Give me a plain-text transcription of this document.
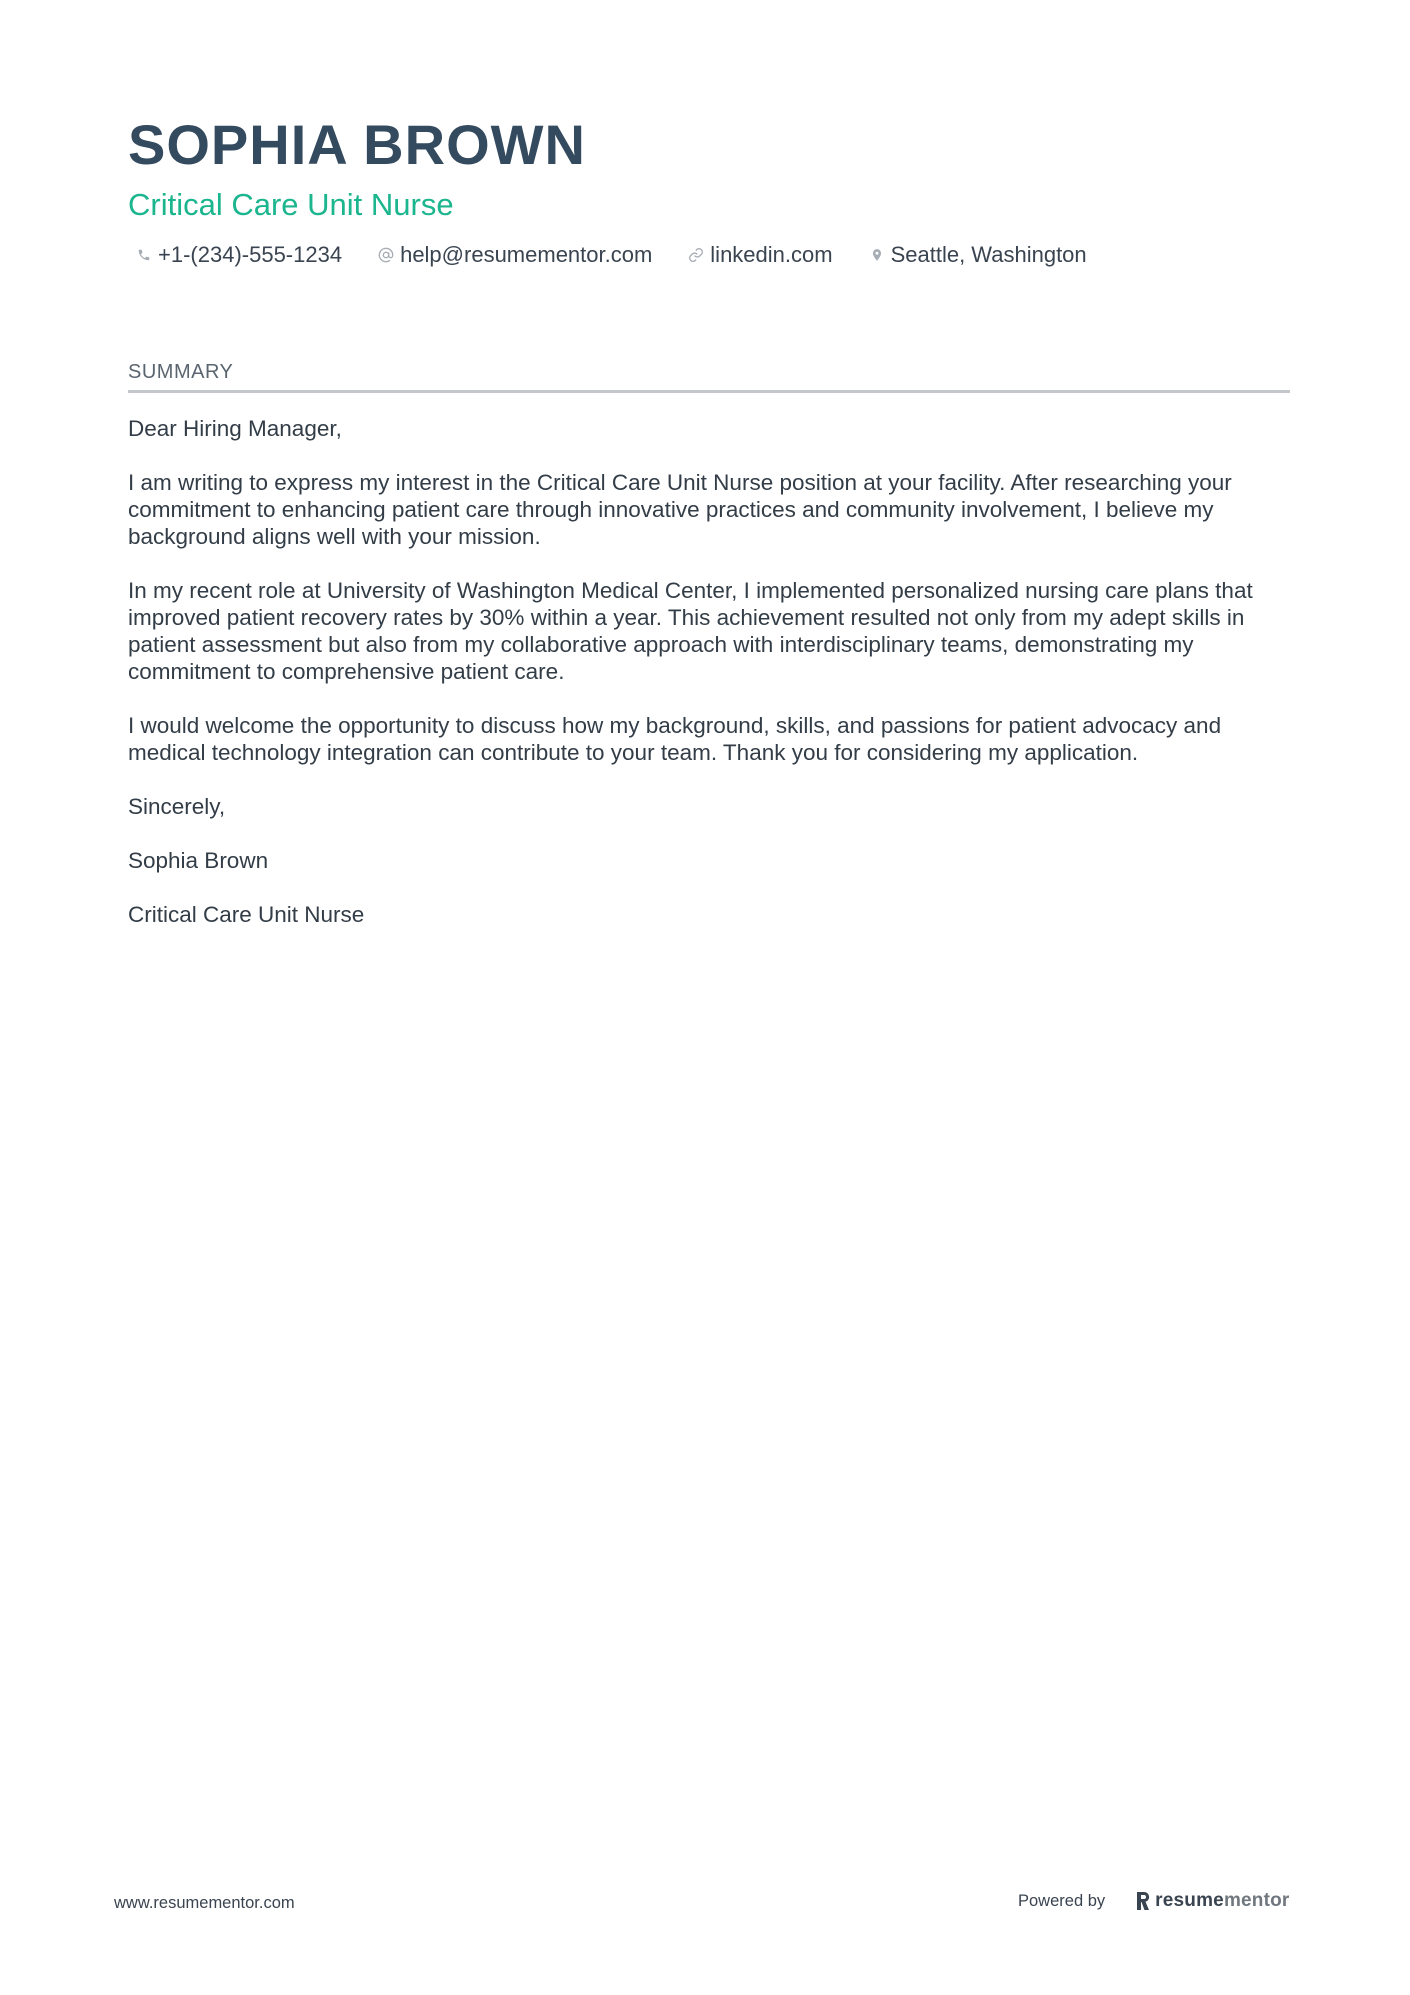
SOPHIA BROWN
Critical Care Unit Nurse
+1-(234)-555-1234	help@resumementor.com	linkedin.com	Seattle, Washington
SUMMARY

Dear Hiring Manager,

I am writing to express my interest in the Critical Care Unit Nurse position at your facility. After researching your commitment to enhancing patient care through innovative practices and community involvement, I believe my background aligns well with your mission.

In my recent role at University of Washington Medical Center, I implemented personalized nursing care plans that improved patient recovery rates by 30% within a year. This achievement resulted not only from my adept skills in patient assessment but also from my collaborative approach with interdisciplinary teams, demonstrating my commitment to comprehensive patient care.

I would welcome the opportunity to discuss how my background, skills, and passions for patient advocacy and medical technology integration can contribute to your team. Thank you for considering my application.

Sincerely,

Sophia Brown

Critical Care Unit Nurse

www.resumementor.com	Powered by	resume mentor
